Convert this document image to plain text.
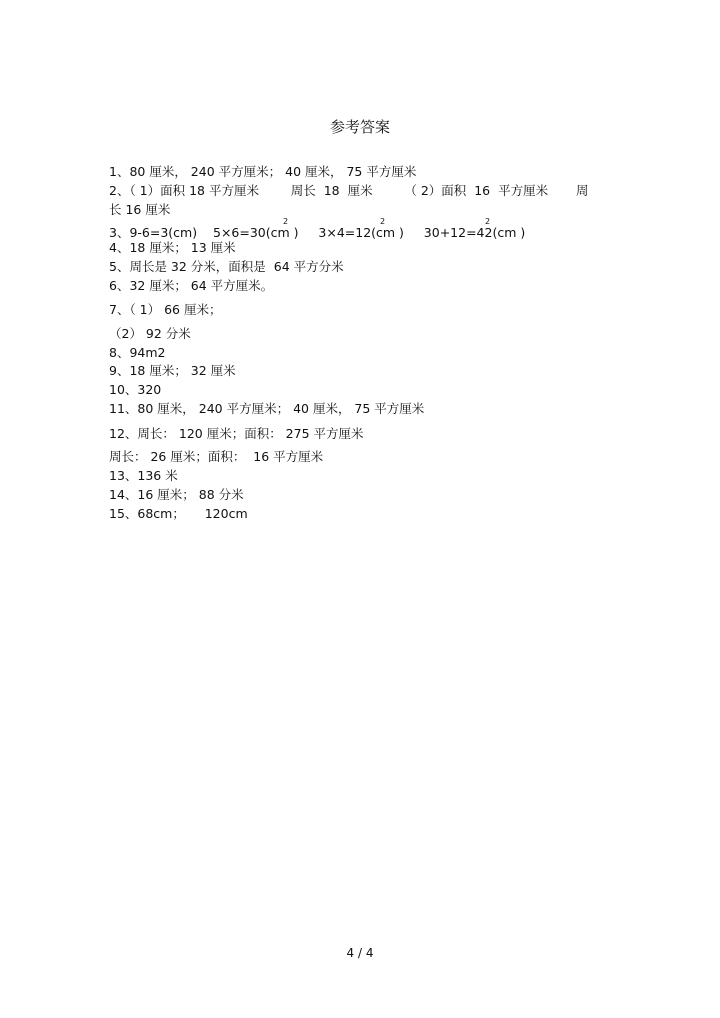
参考答案
1、80 厘米， 240 平方厘米； 40 厘米， 75 平方厘米
2、（ 1）面积 18 平方厘米        周长  18  厘米        （ 2）面积  16  平方厘米       周
长 16 厘米
3、9-6=3(cm)    5×6=30(cm )     3×4=12(cm )     30+12=42(cm )
2	2	2
4、18 厘米； 13 厘米
5、周长是 32 分米，面积是  64 平方分米
6、32 厘米； 64 平方厘米。
7、（ 1） 66 厘米；
（2） 92 分米
8、94m2
9、18 厘米； 32 厘米
10、320
11、80 厘米， 240 平方厘米； 40 厘米， 75 平方厘米
12、周长： 120 厘米；面积： 275 平方厘米
周长： 26 厘米；面积：  16 平方厘米
13、136 米
14、16 厘米； 88 分米
15、68cm；     120cm
4 / 4
